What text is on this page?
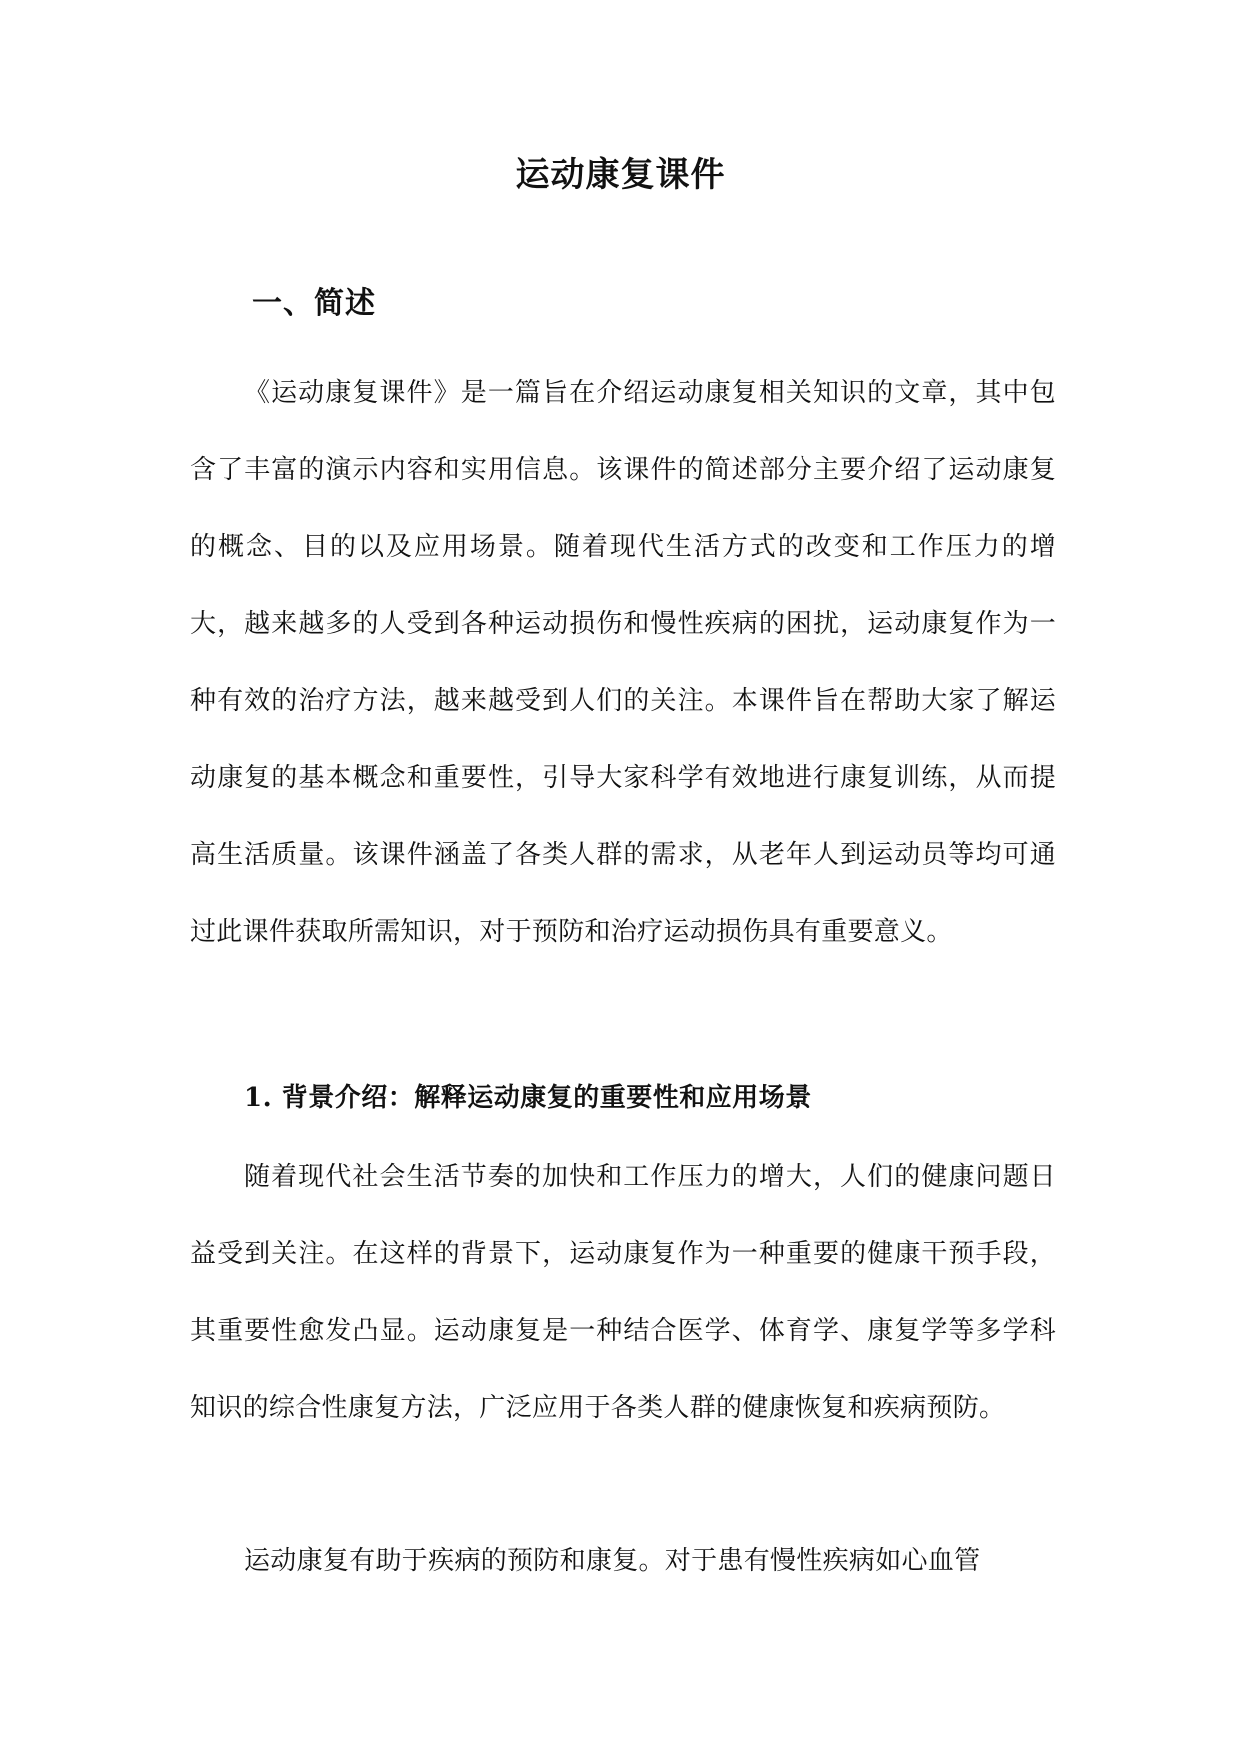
运动康复课件
一、简述

《运动康复课件》是一篇旨在介绍运动康复相关知识的文章，其中包含了丰富的演示内容和实用信息。该课件的简述部分主要介绍了运动康复的概念、目的以及应用场景。随着现代生活方式的改变和工作压力的增大，越来越多的人受到各种运动损伤和慢性疾病的困扰，运动康复作为一种有效的治疗方法，越来越受到人们的关注。本课件旨在帮助大家了解运动康复的基本概念和重要性，引导大家科学有效地进行康复训练，从而提高生活质量。该课件涵盖了各类人群的需求，从老年人到运动员等均可通过此课件获取所需知识，对于预防和治疗运动损伤具有重要意义。

1. 背景介绍：解释运动康复的重要性和应用场景

随着现代社会生活节奏的加快和工作压力的增大，人们的健康问题日益受到关注。在这样的背景下，运动康复作为一种重要的健康干预手段，其重要性愈发凸显。运动康复是一种结合医学、体育学、康复学等多学科知识的综合性康复方法，广泛应用于各类人群的健康恢复和疾病预防。

运动康复有助于疾病的预防和康复。对于患有慢性疾病如心血管
